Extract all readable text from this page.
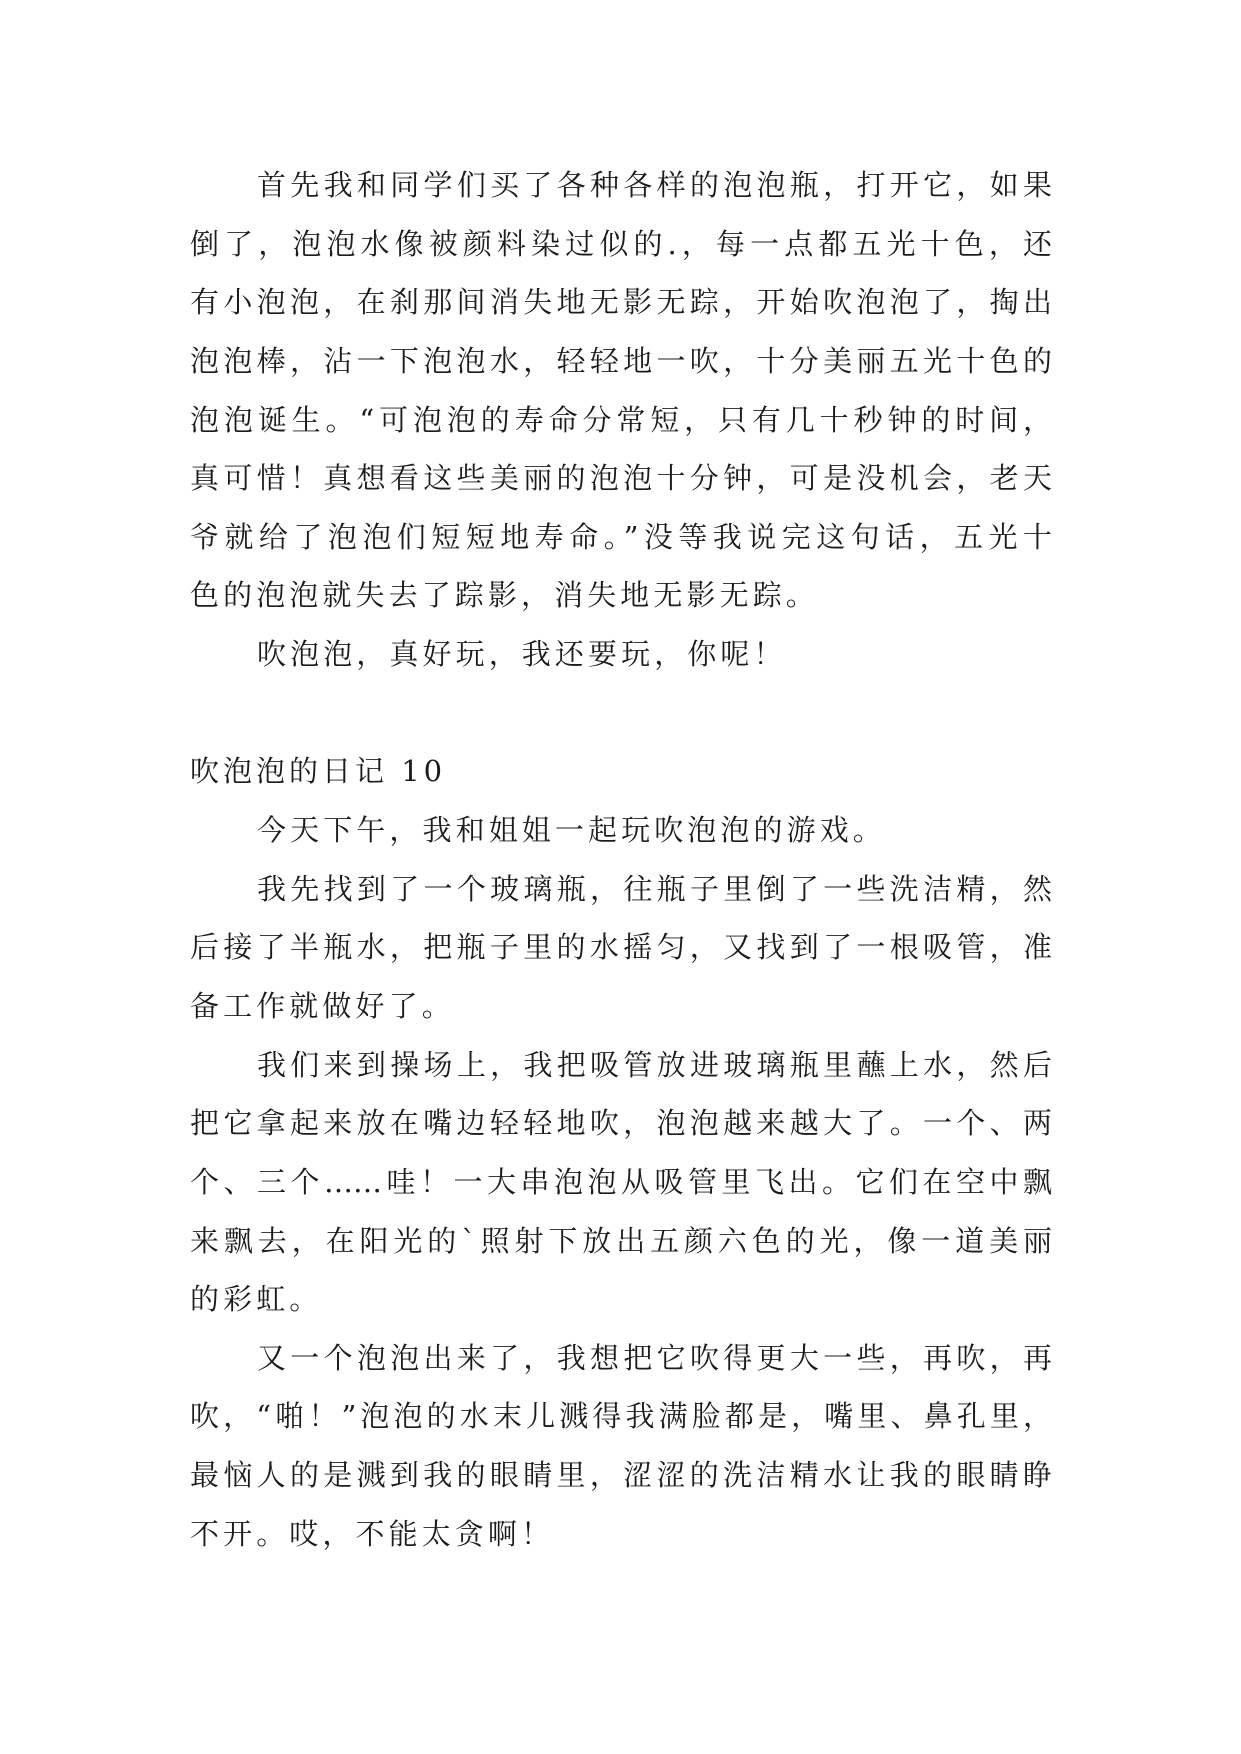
首先我和同学们买了各种各样的泡泡瓶，打开它，如果
倒了，泡泡水像被颜料染过似的.，每一点都五光十色，还
有小泡泡，在刹那间消失地无影无踪，开始吹泡泡了，掏出
泡泡棒，沾一下泡泡水，轻轻地一吹，十分美丽五光十色的
泡泡诞生。“可泡泡的寿命分常短，只有几十秒钟的时间，
真可惜！真想看这些美丽的泡泡十分钟，可是没机会，老天
爷就给了泡泡们短短地寿命。”没等我说完这句话，五光十
色的泡泡就失去了踪影，消失地无影无踪。
吹泡泡，真好玩，我还要玩，你呢！
吹泡泡的日记 10
今天下午，我和姐姐一起玩吹泡泡的游戏。
我先找到了一个玻璃瓶，往瓶子里倒了一些洗洁精，然
后接了半瓶水，把瓶子里的水摇匀，又找到了一根吸管，准
备工作就做好了。
我们来到操场上，我把吸管放进玻璃瓶里蘸上水，然后
把它拿起来放在嘴边轻轻地吹，泡泡越来越大了。一个、两
个、三个……哇！一大串泡泡从吸管里飞出。它们在空中飘
来飘去，在阳光的`照射下放出五颜六色的光，像一道美丽
的彩虹。
又一个泡泡出来了，我想把它吹得更大一些，再吹，再
吹，“啪！”泡泡的水末儿溅得我满脸都是，嘴里、鼻孔里，
最恼人的是溅到我的眼睛里，涩涩的洗洁精水让我的眼睛睁
不开。哎，不能太贪啊！
